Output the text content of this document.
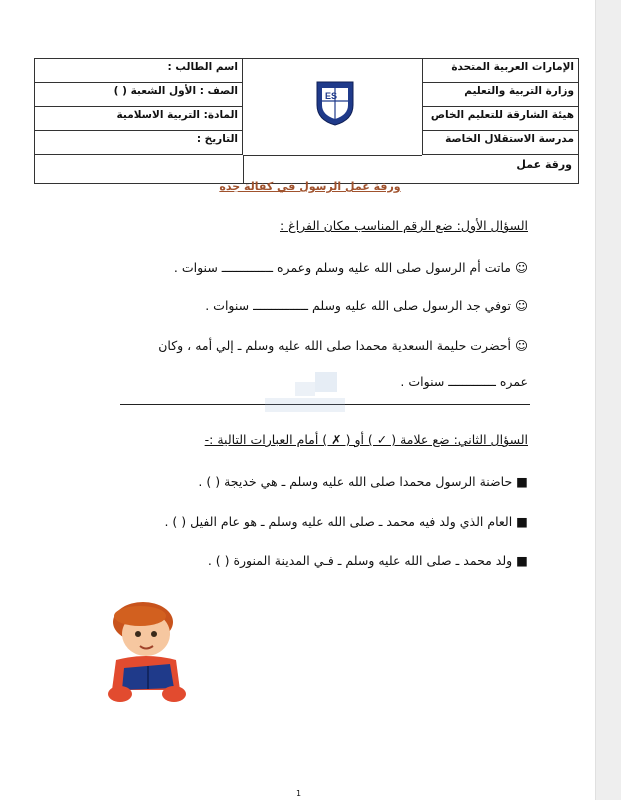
الإمارات العربية المتحدة
وزارة التربية والتعليم
هيئة الشارقة للتعليم الخاص
مدرسة الاستقلال الخاصة
اسم الطالب :
الصف : الأول الشعبة ( )
المادة: التربية الاسلامية
التاريخ :
ES
ورقة عمل
ورقة عمل الرسول في كفالة جده
السؤال الأول: ضع الرقم المناسب مكان الفراغ :
☺ ماتت أم الرسول صلى الله عليه وسلم وعمره ــــــــــــــ سنوات .
☺ توفي جد الرسول صلى الله عليه وسلم ـــــــــــــــ سنوات .
☺ أحضرت حليمة السعدية محمدا صلى الله عليه وسلم ـ إلي أمه ، وكان
عمره ـــــــــــــ سنوات .
السؤال الثاني: ضع علامة ( ✓ ) أو ( ✗ ) أمام العبارات التالية :-
■ حاضنة الرسول محمدا صلى الله عليه وسلم ـ هي خديجة ( ) .
■ العام الذي ولد فيه محمد ـ صلى الله عليه وسلم ـ هو عام الفيل ( ) .
■ ولد محمد ـ صلى الله عليه وسلم ـ فـي المدينة المنورة ( ) .
1
